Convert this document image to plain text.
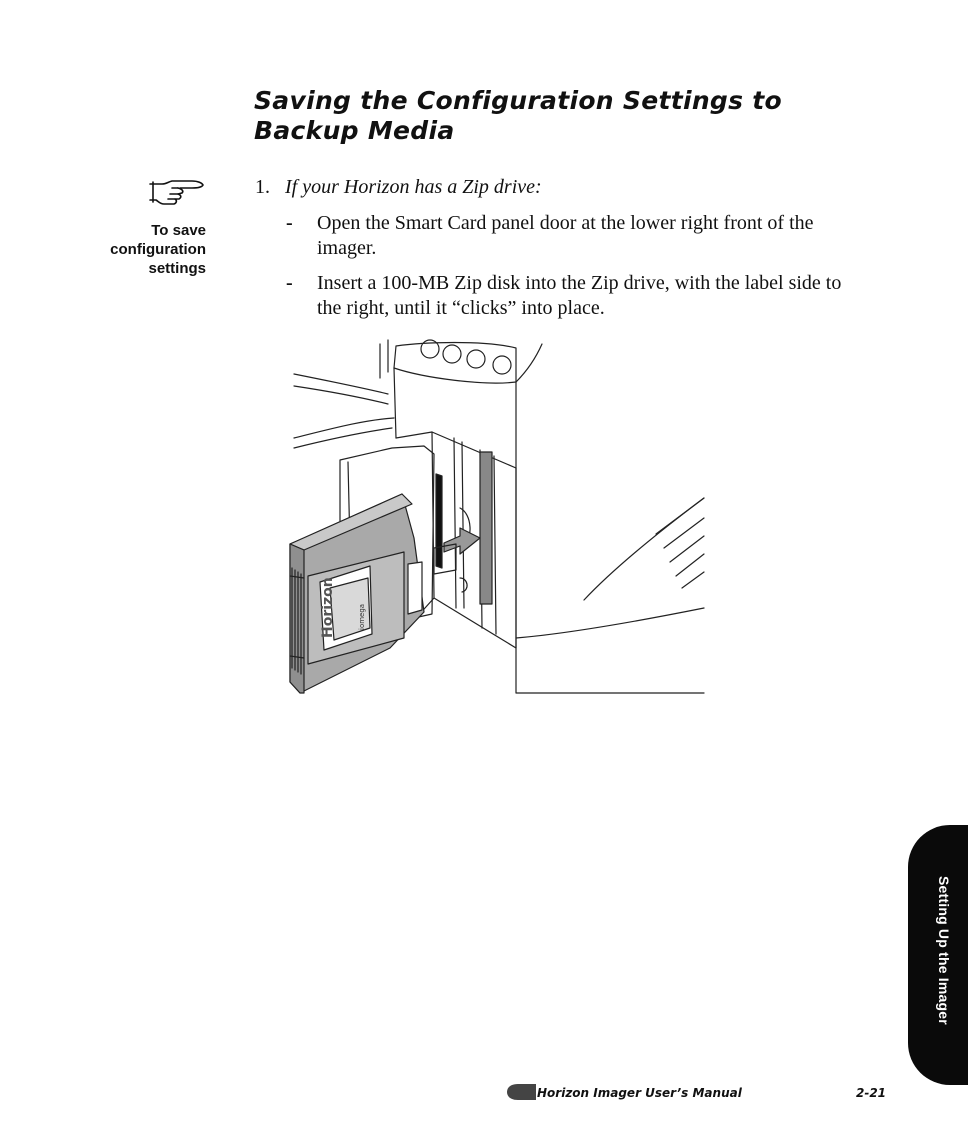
Saving the Configuration Settings to
Backup Media
To save
configuration
settings
1. If your Horizon has a Zip drive:
- Open the Smart Card panel door at the lower right front of the imager.
- Insert a 100-MB Zip disk into the Zip drive, with the label side to the right, until it “clicks” into place.
Horizon	iomega
Setting Up the Imager
Horizon Imager User’s Manual	2-21
